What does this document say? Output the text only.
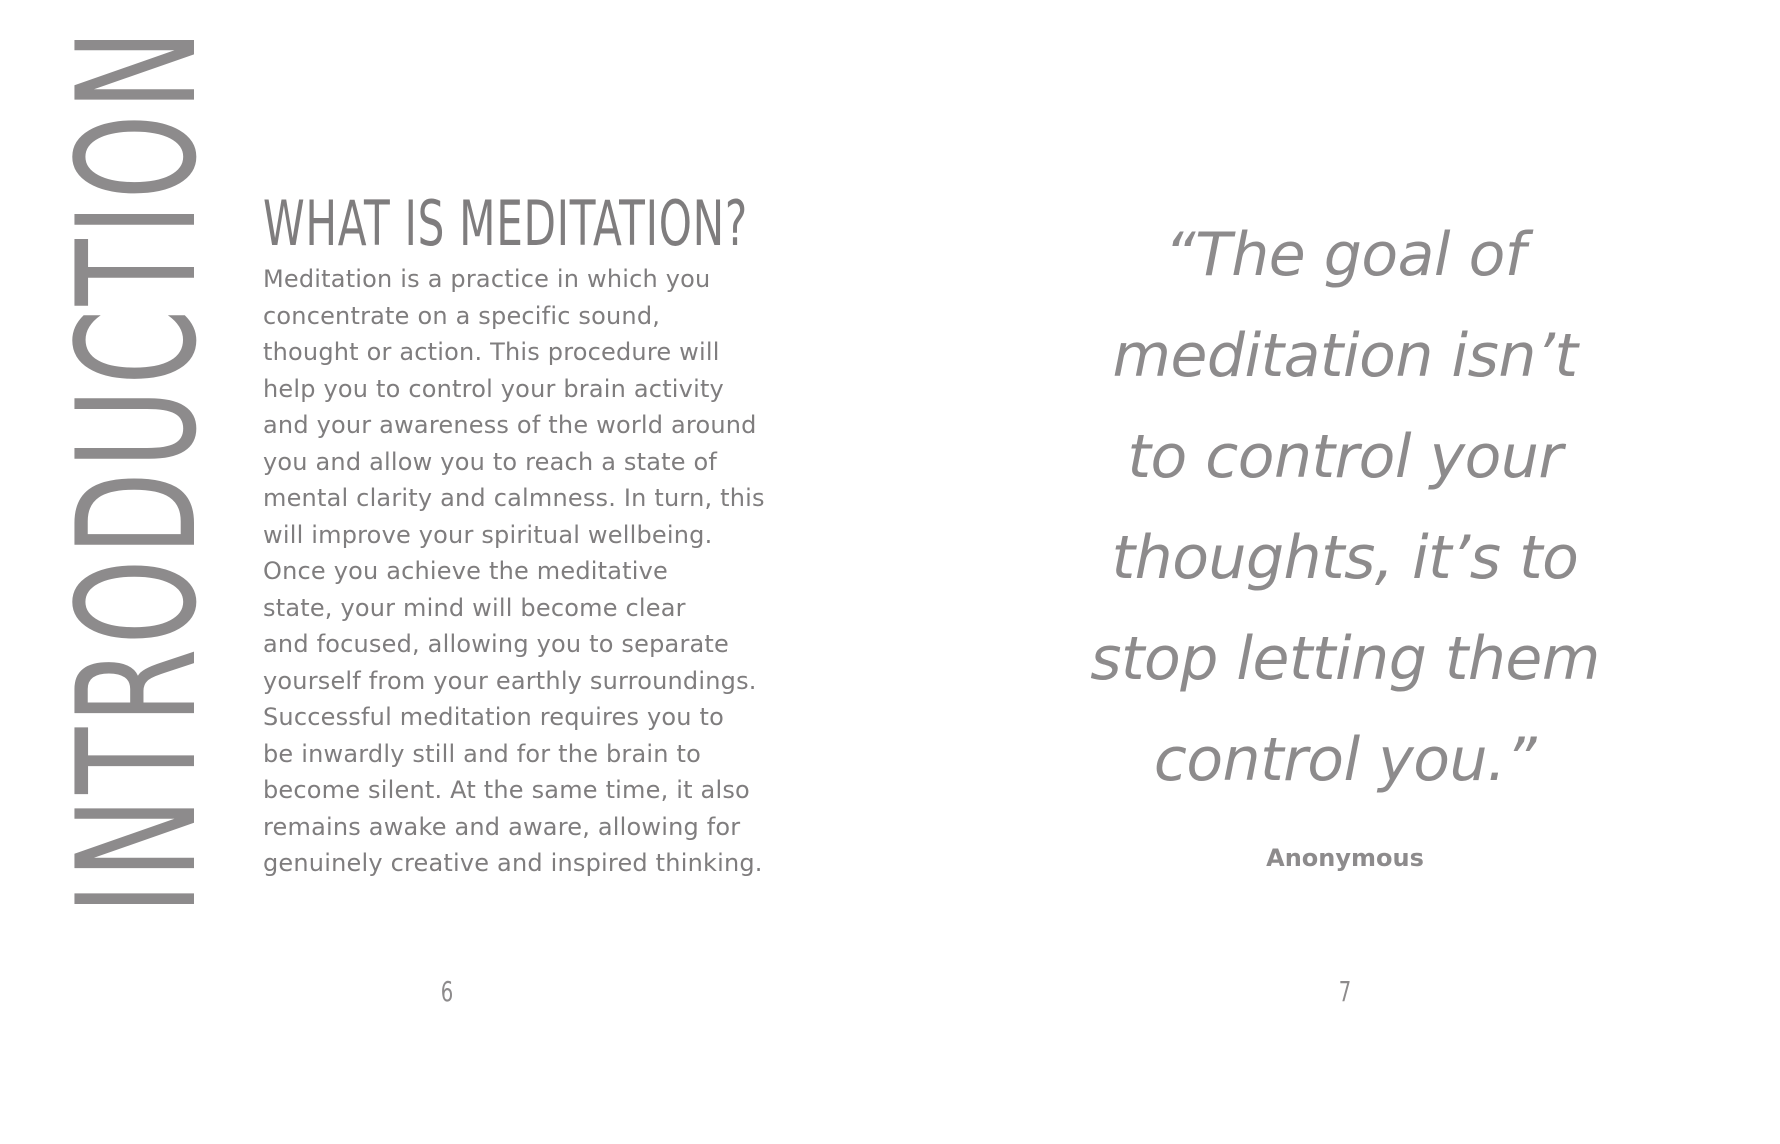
INTRODUCTION WHAT IS MEDITATION?
Meditation is a practice in which you
concentrate on a specific sound,
thought or action. This procedure will
help you to control your brain activity
and your awareness of the world around
you and allow you to reach a state of
mental clarity and calmness. In turn, this
will improve your spiritual wellbeing.
Once you achieve the meditative
state, your mind will become clear
and focused, allowing you to separate
yourself from your earthly surroundings.
Successful meditation requires you to
be inwardly still and for the brain to
become silent. At the same time, it also
remains awake and aware, allowing for
genuinely creative and inspired thinking.
6
“The goal of
meditation isn’t
to control your
thoughts, it’s to
stop letting them
control you.”
Anonymous
7
